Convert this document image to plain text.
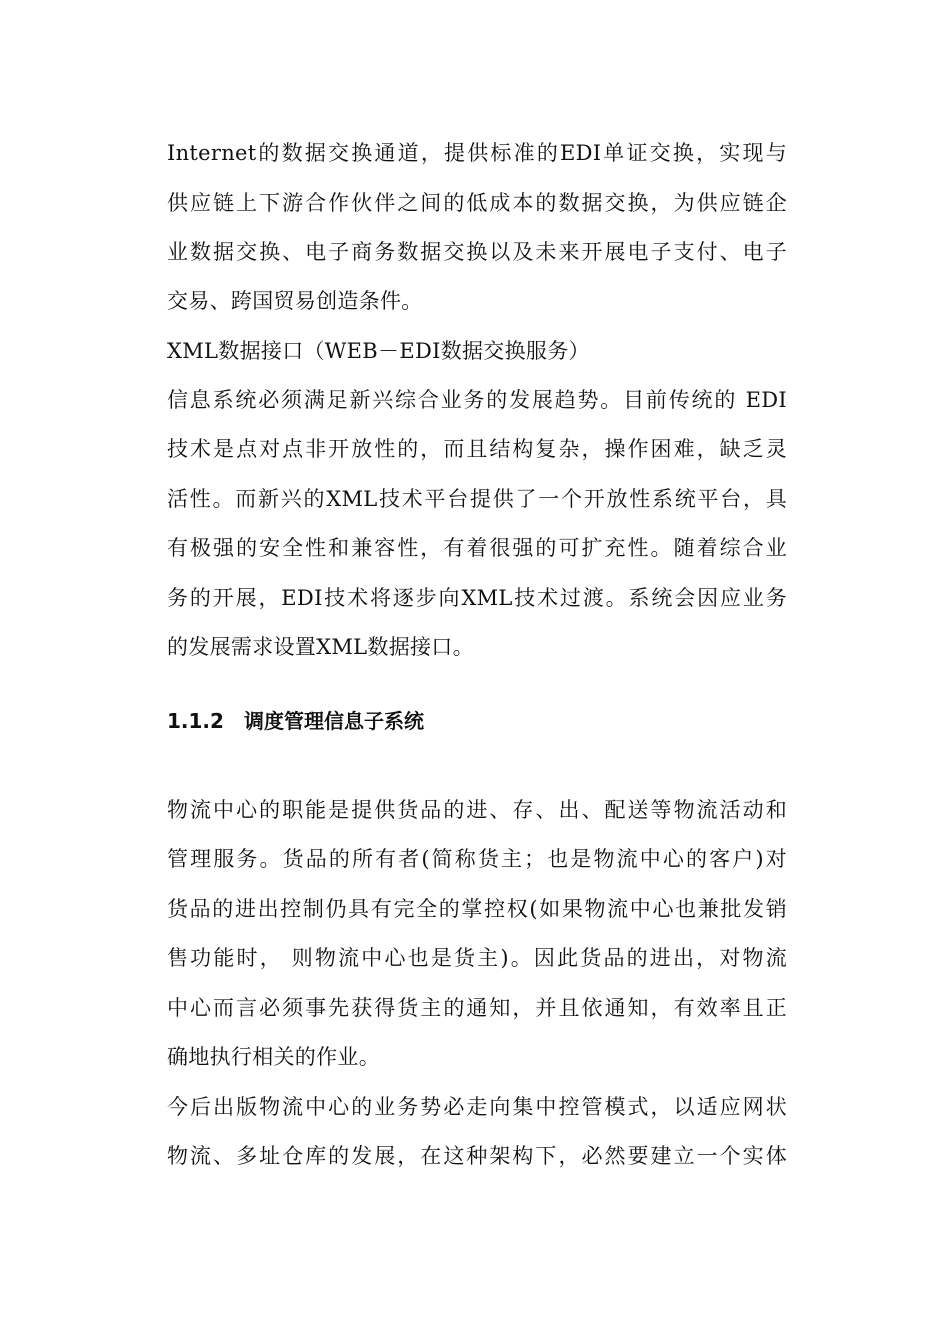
Internet的数据交换通道，提供标准的EDI单证交换，实现与
供应链上下游合作伙伴之间的低成本的数据交换，为供应链企
业数据交换、电子商务数据交换以及未来开展电子支付、电子
交易、跨国贸易创造条件。
XML数据接口（WEB－EDI数据交换服务）
信息系统必须满足新兴综合业务的发展趋势。目前传统的 EDI
技术是点对点非开放性的，而且结构复杂，操作困难，缺乏灵
活性。而新兴的XML技术平台提供了一个开放性系统平台，具
有极强的安全性和兼容性，有着很强的可扩充性。随着综合业
务的开展，EDI技术将逐步向XML技术过渡。系统会因应业务
的发展需求设置XML数据接口。
1.1.2 调度管理信息子系统
物流中心的职能是提供货品的进、存、出、配送等物流活动和
管理服务。货品的所有者(简称货主；也是物流中心的客户)对
货品的进出控制仍具有完全的掌控权(如果物流中心也兼批发销
售功能时， 则物流中心也是货主)。因此货品的进出，对物流
中心而言必须事先获得货主的通知，并且依通知，有效率且正
确地执行相关的作业。
今后出版物流中心的业务势必走向集中控管模式，以适应网状
物流、多址仓库的发展，在这种架构下，必然要建立一个实体
